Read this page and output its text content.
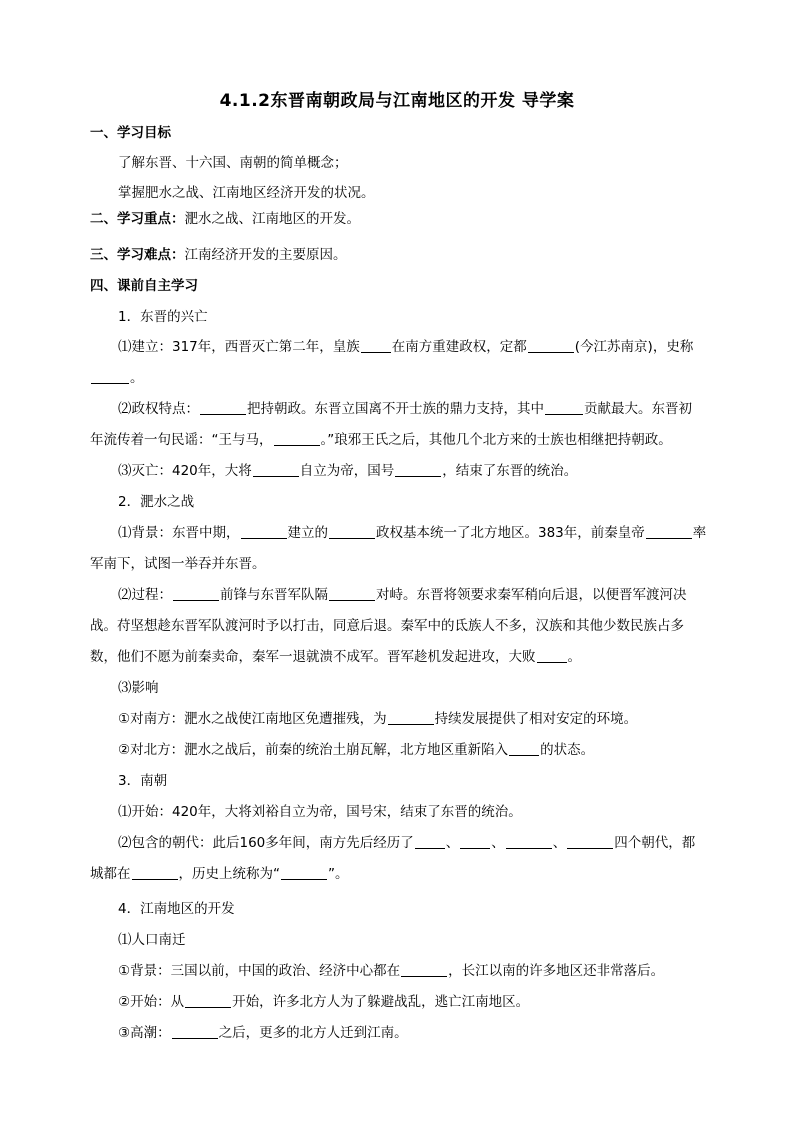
4.1.2东晋南朝政局与江南地区的开发 导学案
一、学习目标
了解东晋、十六国、南朝的简单概念；
掌握肥水之战、江南地区经济开发的状况。
二、学习重点：淝水之战、江南地区的开发。
三、学习难点：江南经济开发的主要原因。
四、课前自主学习
1．东晋的兴亡
⑴建立：317年，西晋灭亡第二年，皇族 在南方重建政权，定都	(今江苏南京)，史称
。
⑵政权特点：	把持朝政。东晋立国离不开士族的鼎力支持，其中	贡献最大。东晋初
年流传着一句民谣：“王与马，	。”琅邪王氏之后，其他几个北方来的士族也相继把持朝政。
⑶灭亡：420年，大将	自立为帝，国号	，结束了东晋的统治。
2．淝水之战
⑴背景：东晋中期，	建立的	政权基本统一了北方地区。383年，前秦皇帝	率
军南下，试图一举吞并东晋。
⑵过程：	前锋与东晋军队隔	对峙。东晋将领要求秦军稍向后退，以便晋军渡河决
战。苻坚想趁东晋军队渡河时予以打击，同意后退。秦军中的氐族人不多，汉族和其他少数民族占多
数，他们不愿为前秦卖命，秦军一退就溃不成军。晋军趁机发起进攻，大败 。
⑶影响
①对南方：淝水之战使江南地区免遭摧残，为	持续发展提供了相对安定的环境。
②对北方：淝水之战后，前秦的统治土崩瓦解，北方地区重新陷入 的状态。
3．南朝
⑴开始：420年，大将刘裕自立为帝，国号宋，结束了东晋的统治。
⑵包含的朝代：此后160多年间，南方先后经历了 、 、	、	四个朝代，都
城都在	，历史上统称为“	”。
4．江南地区的开发
⑴人口南迁
①背景：三国以前，中国的政治、经济中心都在	，长江以南的许多地区还非常落后。
②开始：从	开始，许多北方人为了躲避战乱，逃亡江南地区。
③高潮：	之后，更多的北方人迁到江南。
